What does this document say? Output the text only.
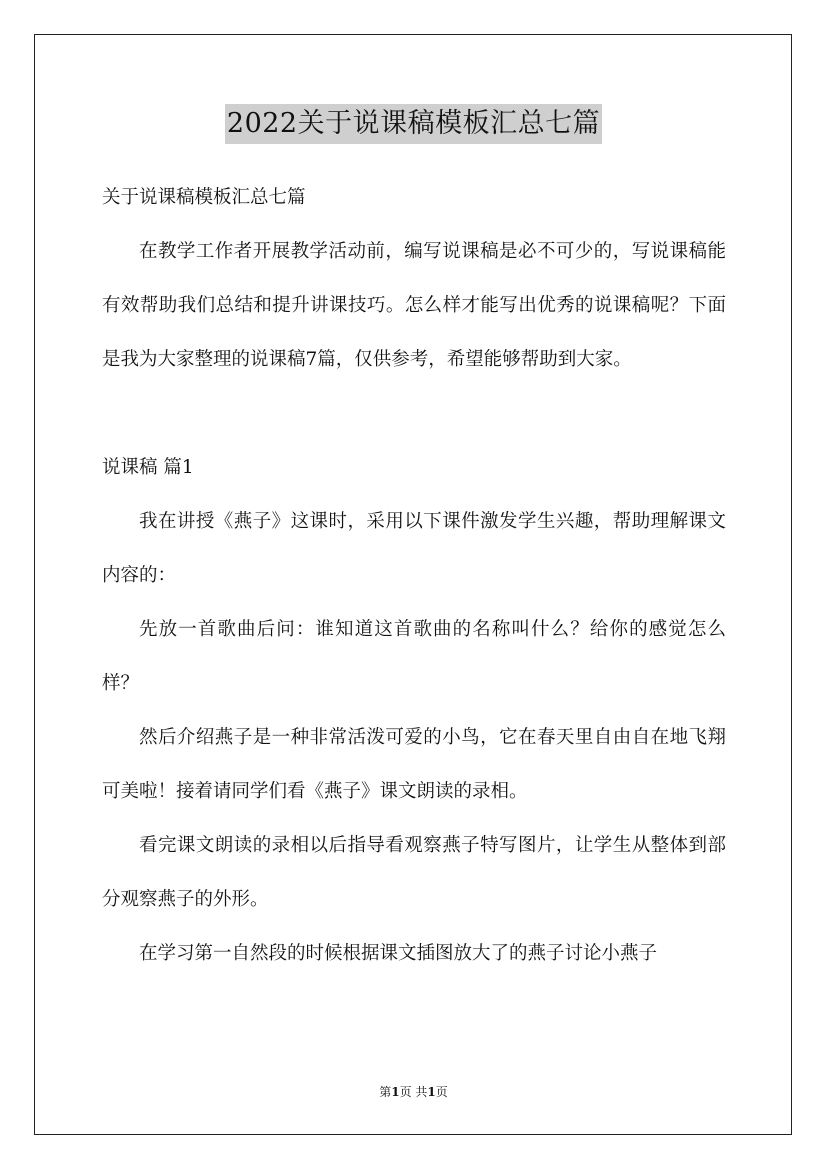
2022关于说课稿模板汇总七篇

关于说课稿模板汇总七篇

在教学工作者开展教学活动前，编写说课稿是必不可少的，写说课稿能有效帮助我们总结和提升讲课技巧。怎么样才能写出优秀的说课稿呢？下面是我为大家整理的说课稿7篇，仅供参考，希望能够帮助到大家。

说课稿 篇1

我在讲授《燕子》这课时，采用以下课件激发学生兴趣，帮助理解课文内容的：

先放一首歌曲后问：谁知道这首歌曲的名称叫什么？给你的感觉怎么样？

然后介绍燕子是一种非常活泼可爱的小鸟，它在春天里自由自在地飞翔可美啦！接着请同学们看《燕子》课文朗读的录相。

看完课文朗读的录相以后指导看观察燕子特写图片，让学生从整体到部分观察燕子的外形。

在学习第一自然段的时候根据课文插图放大了的燕子讨论小燕子

第1页 共1页
